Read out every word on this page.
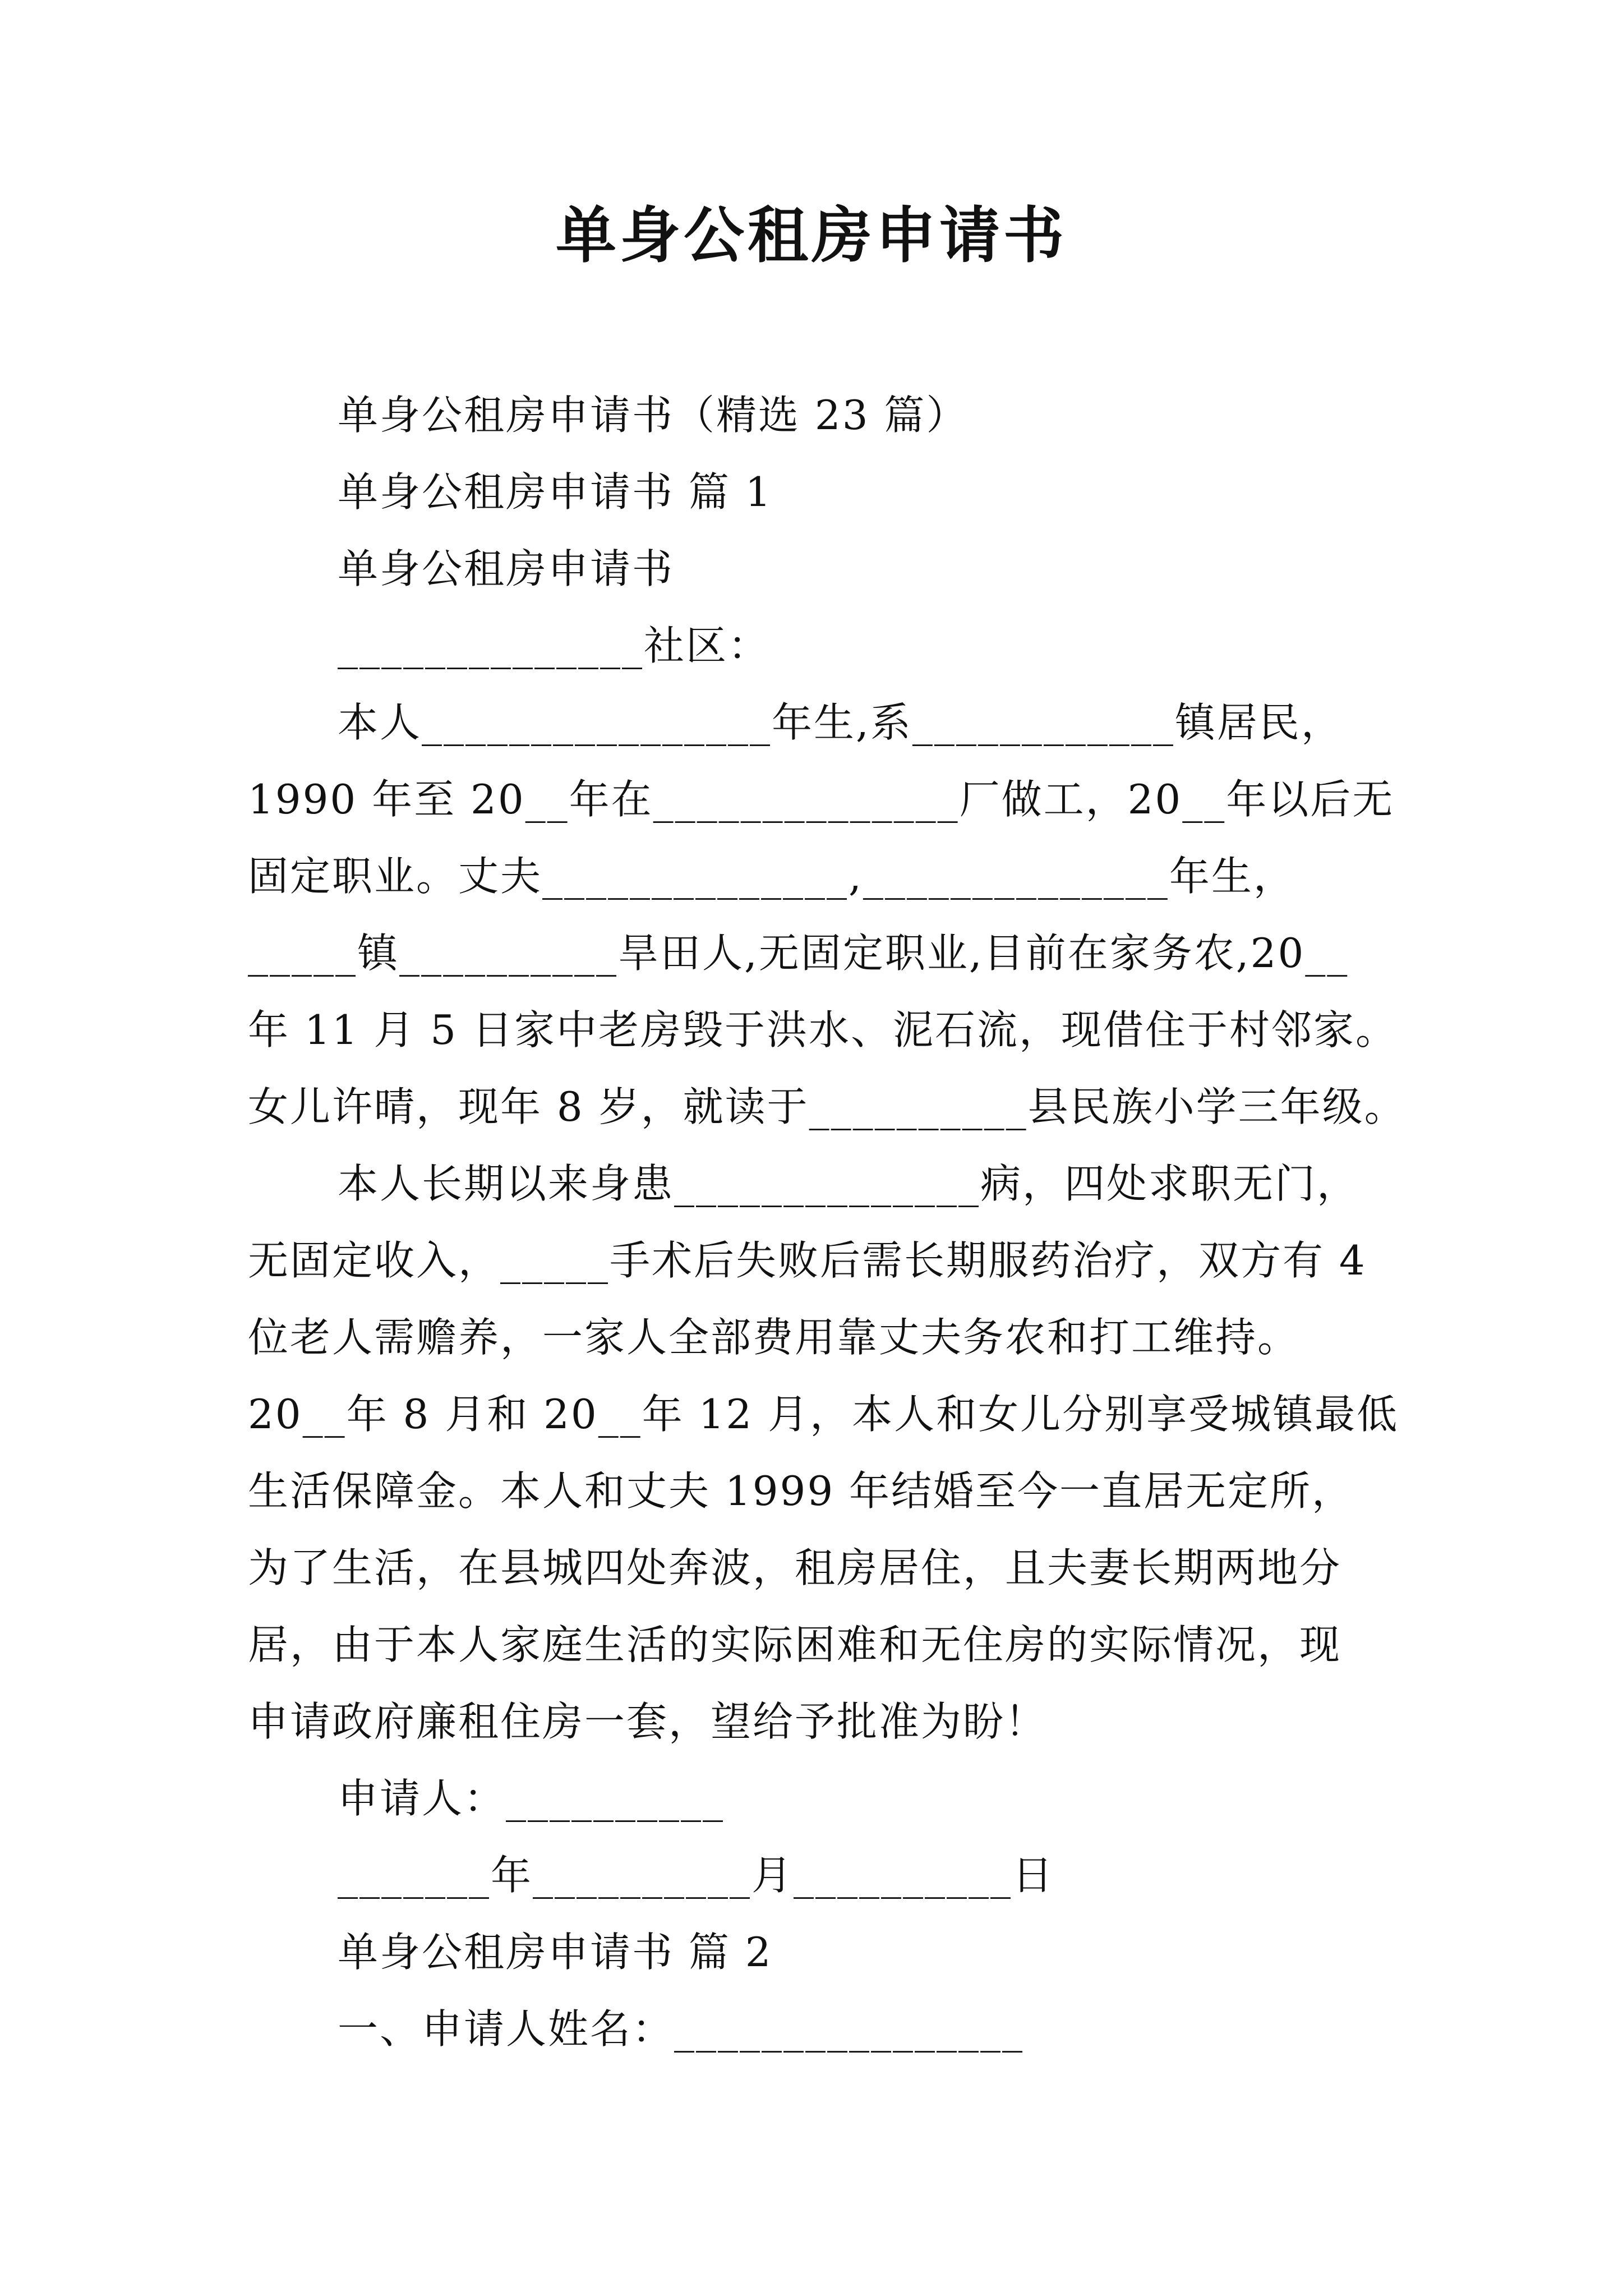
单身公租房申请书
单身公租房申请书（精选 23 篇）
单身公租房申请书 篇 1
单身公租房申请书
______________社区：
本人________________年生,系____________镇居民，
1990 年至 20__年在______________厂做工，20__年以后无
固定职业。丈夫______________,______________年生，
_____镇__________旱田人,无固定职业,目前在家务农,20__
年 11 月 5 日家中老房毁于洪水、泥石流，现借住于村邻家。
女儿许晴，现年 8 岁，就读于__________县民族小学三年级。
本人长期以来身患______________病，四处求职无门，
无固定收入，_____手术后失败后需长期服药治疗，双方有 4
位老人需赡养，一家人全部费用靠丈夫务农和打工维持。
20__年 8 月和 20__年 12 月，本人和女儿分别享受城镇最低
生活保障金。本人和丈夫 1999 年结婚至今一直居无定所，
为了生活，在县城四处奔波，租房居住，且夫妻长期两地分
居，由于本人家庭生活的实际困难和无住房的实际情况，现
申请政府廉租住房一套，望给予批准为盼！
申请人：__________
_______年__________月__________日
单身公租房申请书 篇 2
一、申请人姓名：________________
